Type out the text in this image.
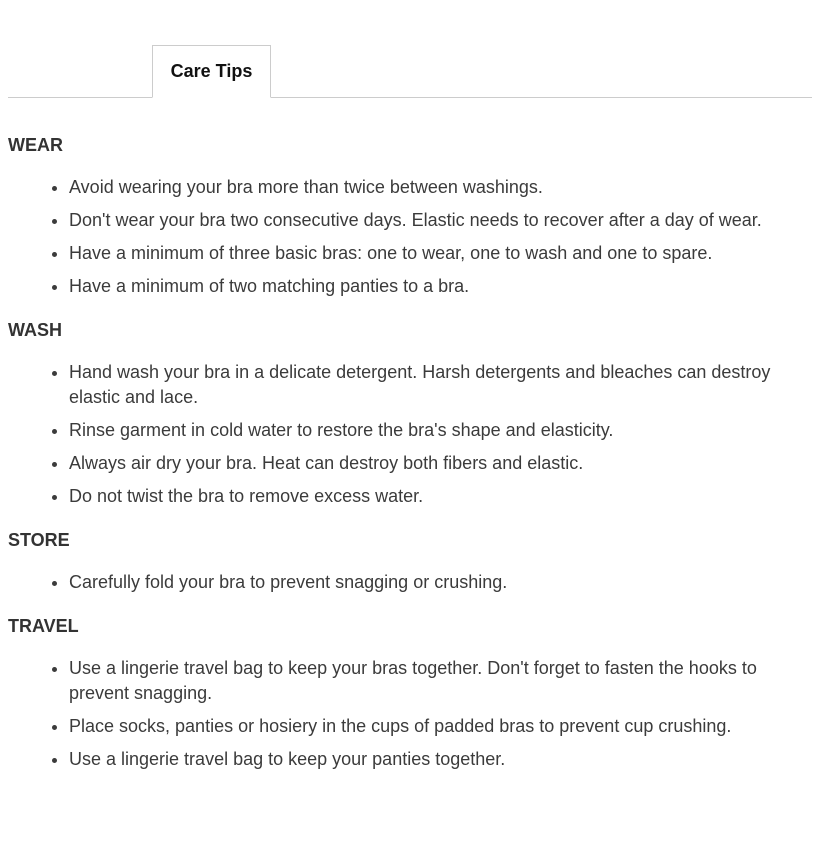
Care Tips
WEAR
• Avoid wearing your bra more than twice between washings.
• Don't wear your bra two consecutive days. Elastic needs to recover after a day of wear.
• Have a minimum of three basic bras: one to wear, one to wash and one to spare.
• Have a minimum of two matching panties to a bra.
WASH
• Hand wash your bra in a delicate detergent. Harsh detergents and bleaches can destroy elastic and lace.
• Rinse garment in cold water to restore the bra's shape and elasticity.
• Always air dry your bra. Heat can destroy both fibers and elastic.
• Do not twist the bra to remove excess water.
STORE
• Carefully fold your bra to prevent snagging or crushing.
TRAVEL
• Use a lingerie travel bag to keep your bras together. Don't forget to fasten the hooks to prevent snagging.
• Place socks, panties or hosiery in the cups of padded bras to prevent cup crushing.
• Use a lingerie travel bag to keep your panties together.
